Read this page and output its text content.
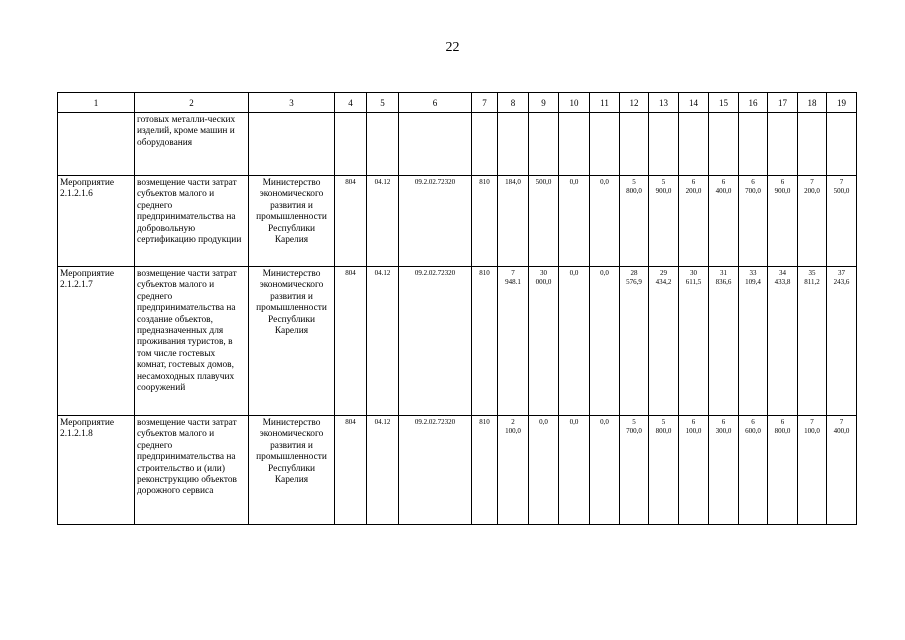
22
1	2	3	4	5	6	7	8	9	10	11	12	13	14	15	16	17	18	19
	готовых металли-ческих изделий, кроме машин и оборудования						

Мероприятие 2.1.2.1.6	возмещение части затрат субъектов малого и среднего предпринимательства на добровольную сертификацию продукции	Министерство экономического развития и промышленности Республики Карелия	804	04.12	09.2.02.72320	810	184,0	500,0	0,0	0,0	5
800,0	5
900,0	6
200,0	6
400,0	6
700,0	6
900,0	7
200,0	7
500,0

Мероприятие 2.1.2.1.7	возмещение части затрат субъектов малого и среднего предпринимательства на создание объектов, предназначенных для проживания туристов, в том числе гостевых комнат, гостевых домов, несамоходных плавучих сооружений	Министерство экономического развития и промышленности Республики Карелия	804	04.12	09.2.02.72320	810	7
948.1	30
000,0	0,0	0,0	28
576,9	29
434,2	30
611,5	31
836,6	33
109,4	34
433,8	35
811,2	37
243,6

Мероприятие 2.1.2.1.8	возмещение части затрат субъектов малого и среднего предпринимательства на строительство и (или) реконструкцию объектов дорожного сервиса	Министерство экономического развития и промышленности Республики Карелия	804	04.12	09.2.02.72320	810	2
100,0	0,0	0,0	0,0	5
700,0	5
800,0	6
100,0	6
300,0	6
600,0	6
800,0	7
100,0	7
400,0
